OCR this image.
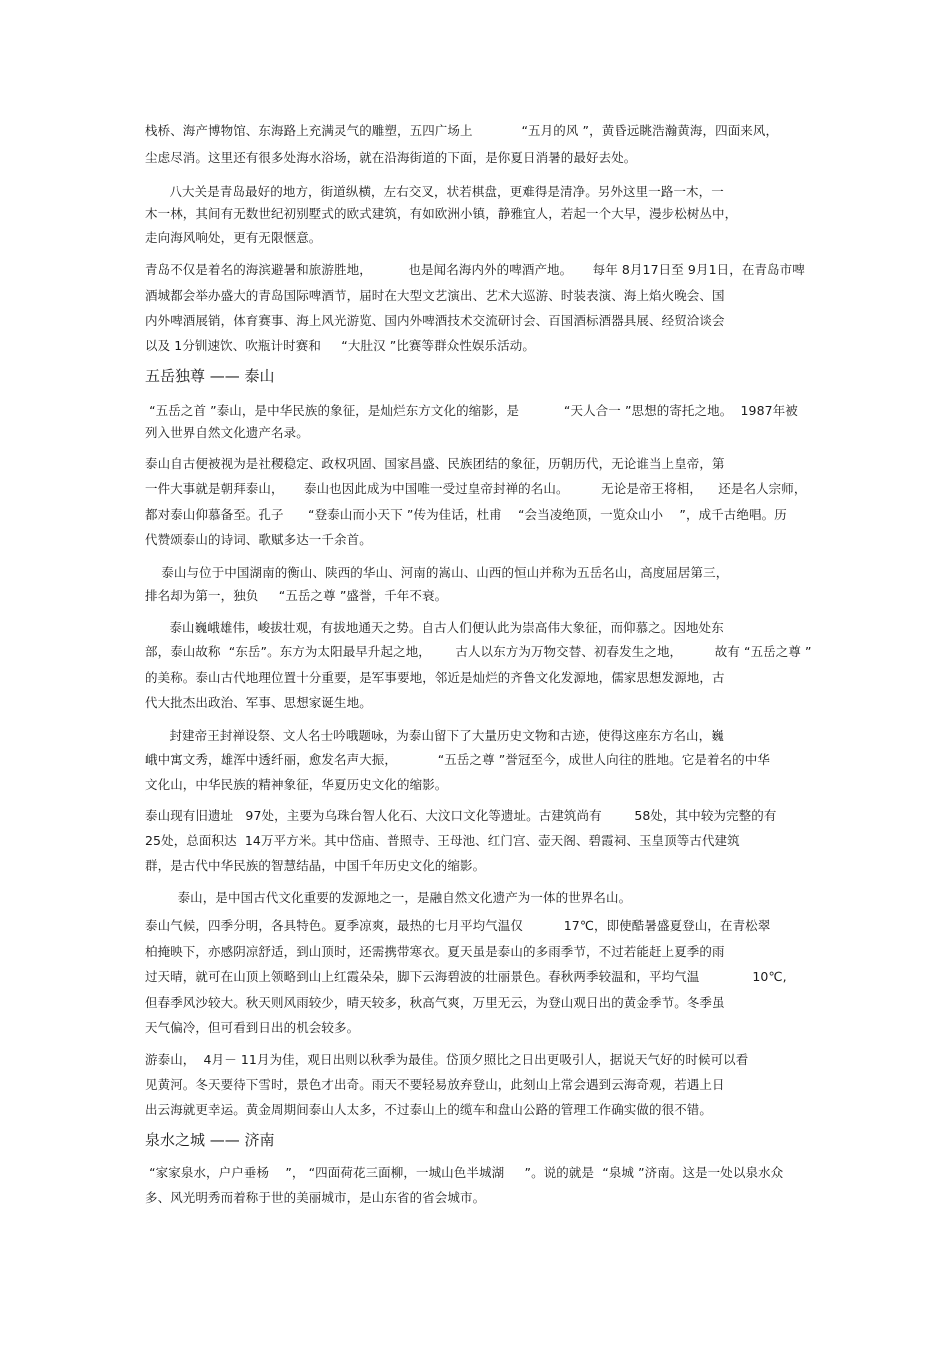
栈桥、海产博物馆、东海路上充满灵气的雕塑，五四广场上            “五月的风 ”，黄昏远眺浩瀚黄海，四面来风，
尘虑尽消。这里还有很多处海水浴场，就在沿海街道的下面，是你夏日消暑的最好去处。
八大关是青岛最好的地方，街道纵横，左右交叉，状若棋盘，更难得是清净。另外这里一路一木，一
木一林，其间有无数世纪初别墅式的欧式建筑，有如欧洲小镇，静雅宜人，若起一个大早，漫步松树丛中，
走向海风响处，更有无限惬意。
青岛不仅是着名的海滨避暑和旅游胜地，         也是闻名海内外的啤酒产地。     每年 8月17日至 9月1日，在青岛市啤
酒城都会举办盛大的青岛国际啤酒节，届时在大型文艺演出、艺术大巡游、时装表演、海上焰火晚会、国
内外啤酒展销，体育赛事、海上风光游览、国内外啤酒技术交流研讨会、百国酒标酒器具展、经贸洽谈会
以及 1分钏速饮、吹瓶计时赛和     “大肚汉 ”比赛等群众性娱乐活动。
五岳独尊 —— 泰山
“五岳之首 ”泰山，是中华民族的象征，是灿烂东方文化的缩影，是           “天人合一 ”思想的寄托之地。  1987年被
列入世界自然文化遗产名录。
泰山自古便被视为是社稷稳定、政权巩固、国家昌盛、民族团结的象征，历朝历代，无论谁当上皇帝，第
一件大事就是朝拜泰山，     泰山也因此成为中国唯一受过皇帝封禅的名山。        无论是帝王将相，    还是名人宗师，
都对泰山仰慕备至。孔子      “登泰山而小天下 ”传为佳话，杜甫    “会当凌绝顶，一览众山小    ”，成千古绝唱。历
代赞颂泰山的诗词、歌赋多达一千余首。
泰山与位于中国湖南的衡山、陕西的华山、河南的嵩山、山西的恒山并称为五岳名山，高度屈居第三，
排名却为第一，独负     “五岳之尊 ”盛誉，千年不衰。
泰山巍峨雄伟，峻拔壮观，有拔地通天之势。自古人们便认此为崇高伟大象征，而仰慕之。因地处东
部，泰山故称  “东岳”。东方为太阳最早升起之地，      古人以东方为万物交替、初春发生之地，        故有 “五岳之尊 ”
的美称。泰山古代地理位置十分重要，是军事要地，邻近是灿烂的齐鲁文化发源地，儒家思想发源地，古
代大批杰出政治、军事、思想家诞生地。
封建帝王封禅设祭、文人名士吟哦题咏，为泰山留下了大量历史文物和古迹，使得这座东方名山，巍
峨中寓文秀，雄浑中透纤丽，愈发名声大振，          “五岳之尊 ”誉冠至今，成世人向往的胜地。它是着名的中华
文化山，中华民族的精神象征，华夏历史文化的缩影。
泰山现有旧遗址   97处，主要为乌珠台智人化石、大汶口文化等遗址。古建筑尚有        58处，其中较为完整的有
25处，总面积达  14万平方米。其中岱庙、普照寺、王母池、红门宫、壶天阁、碧霞祠、玉皇顶等古代建筑
群，是古代中华民族的智慧结晶，中国千年历史文化的缩影。
泰山，是中国古代文化重要的发源地之一，是融自然文化遗产为一体的世界名山。
泰山气候，四季分明，各具特色。夏季凉爽，最热的七月平均气温仅          17℃，即使酷暑盛夏登山，在青松翠
柏掩映下，亦感阴凉舒适，到山顶时，还需携带寒衣。夏天虽是泰山的多雨季节，不过若能赶上夏季的雨
过天晴，就可在山顶上领略到山上红霞朵朵，脚下云海碧波的壮丽景色。春秋两季较温和，平均气温             10℃,
但春季风沙较大。秋天则风雨较少，晴天较多，秋高气爽，万里无云，为登山观日出的黄金季节。冬季虽
天气偏冷，但可看到日出的机会较多。
游泰山，  4月－ 11月为佳，观日出则以秋季为最佳。岱顶夕照比之日出更吸引人，据说天气好的时候可以看
见黄河。冬天要待下雪时，景色才出奇。雨天不要轻易放弃登山，此刻山上常会遇到云海奇观，若遇上日
出云海就更幸运。黄金周期间泰山人太多，不过泰山上的缆车和盘山公路的管理工作确实做的很不错。
泉水之城 —— 济南
“家家泉水，户户垂杨    ”， “四面荷花三面柳，一城山色半城湖     ”。说的就是  “泉城 ”济南。这是一处以泉水众
多、风光明秀而着称于世的美丽城市，是山东省的省会城市。
